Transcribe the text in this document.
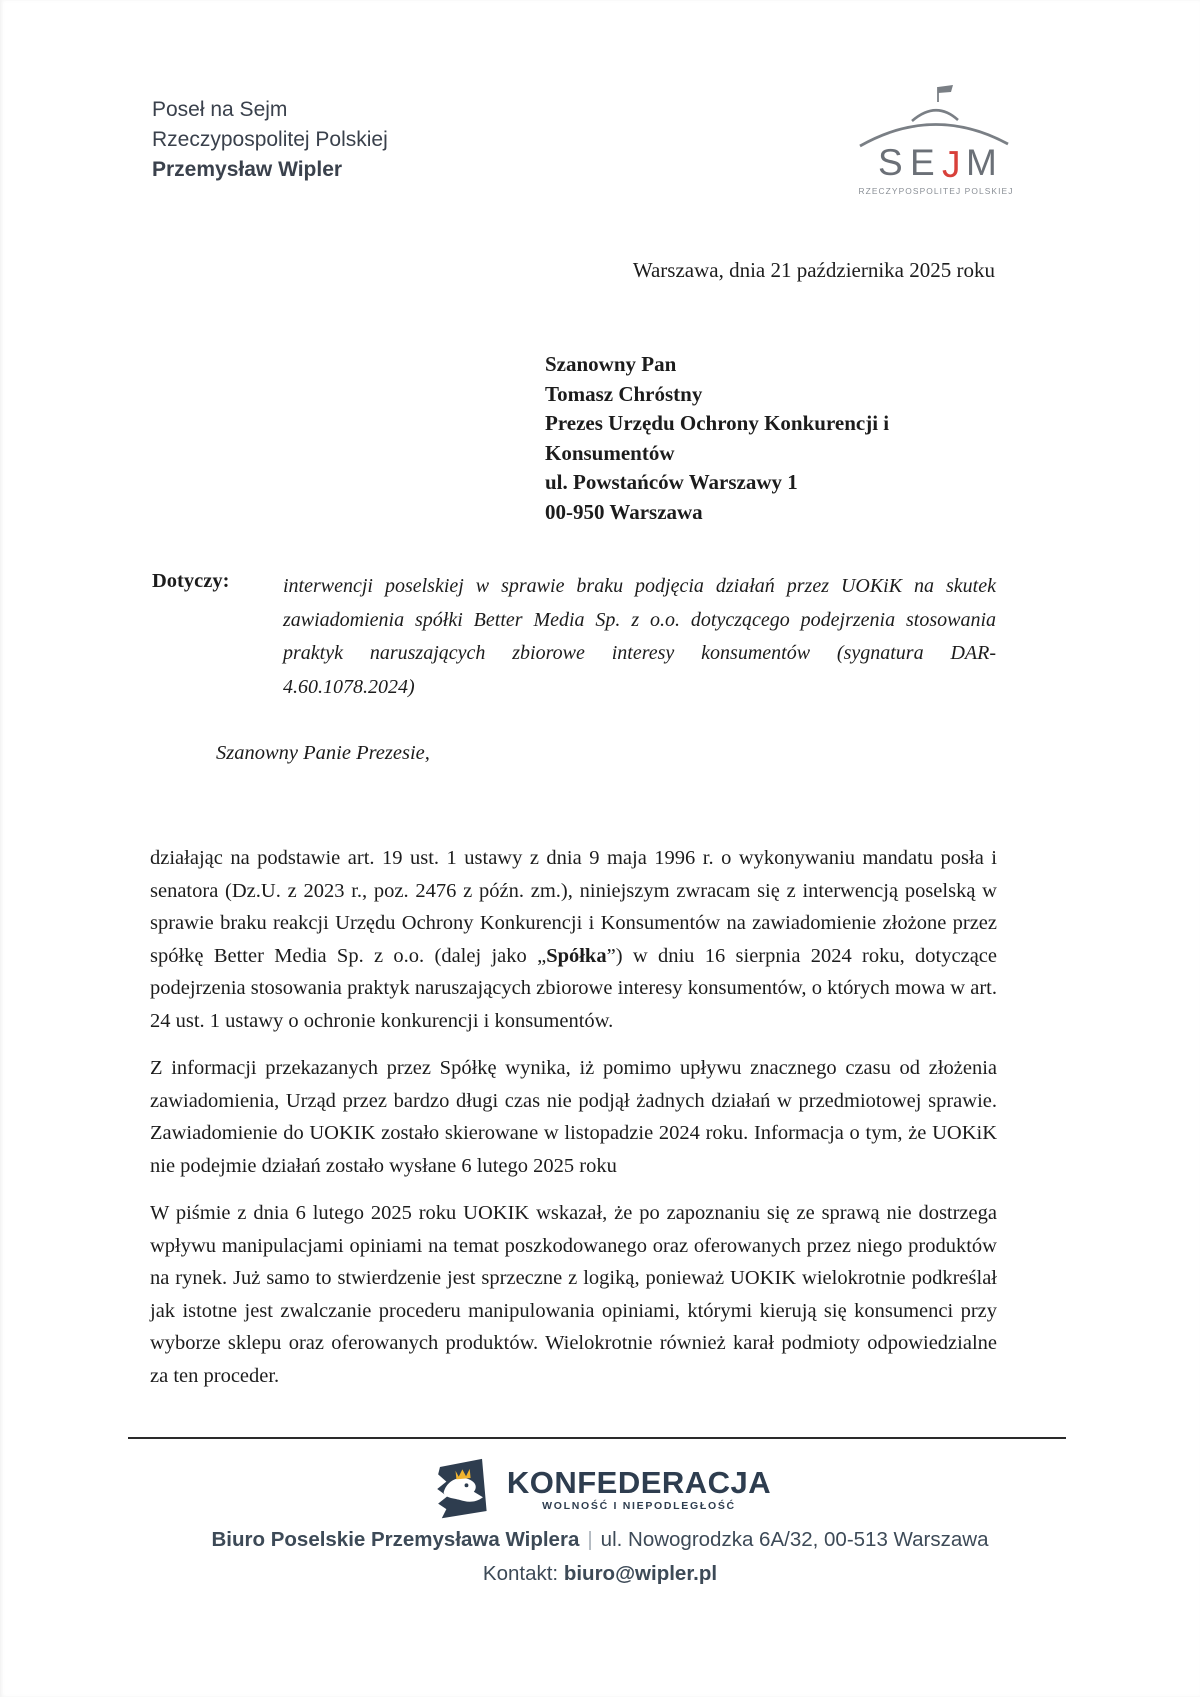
Poseł na Sejm
Rzeczypospolitej Polskiej
Przemysław Wipler	S E J M
RZECZYPOSPOLITEJ POLSKIEJ
Warszawa, dnia 21 października 2025 roku
Szanowny Pan
Tomasz Chróstny
Prezes Urzędu Ochrony Konkurencji i
Konsumentów
ul. Powstańców Warszawy 1
00-950 Warszawa
Dotyczy:	interwencji poselskiej w sprawie braku podjęcia działań przez UOKiK na skutek zawiadomienia spółki Better Media Sp. z o.o. dotyczącego podejrzenia stosowania praktyk naruszających zbiorowe interesy konsumentów (sygnatura DAR-4.60.1078.2024)
Szanowny Panie Prezesie,

działając na podstawie art. 19 ust. 1 ustawy z dnia 9 maja 1996 r. o wykonywaniu mandatu posła i senatora (Dz.U. z 2023 r., poz. 2476 z późn. zm.), niniejszym zwracam się z interwencją poselską w sprawie braku reakcji Urzędu Ochrony Konkurencji i Konsumentów na zawiadomienie złożone przez spółkę Better Media Sp. z o.o. (dalej jako „Spółka”) w dniu 16 sierpnia 2024 roku, dotyczące podejrzenia stosowania praktyk naruszających zbiorowe interesy konsumentów, o których mowa w art. 24 ust. 1 ustawy o ochronie konkurencji i konsumentów.

Z informacji przekazanych przez Spółkę wynika, iż pomimo upływu znacznego czasu od złożenia zawiadomienia, Urząd przez bardzo długi czas nie podjął żadnych działań w przedmiotowej sprawie. Zawiadomienie do UOKIK zostało skierowane w listopadzie 2024 roku. Informacja o tym, że UOKiK nie podejmie działań zostało wysłane 6 lutego 2025 roku

W piśmie z dnia 6 lutego 2025 roku UOKIK wskazał, że po zapoznaniu się ze sprawą nie dostrzega wpływu manipulacjami opiniami na temat poszkodowanego oraz oferowanych przez niego produktów na rynek. Już samo to stwierdzenie jest sprzeczne z logiką, ponieważ UOKIK wielokrotnie podkreślał jak istotne jest zwalczanie procederu manipulowania opiniami, którymi kierują się konsumenci przy wyborze sklepu oraz oferowanych produktów. Wielokrotnie również karał podmioty odpowiedzialne za ten proceder.

KONFEDERACJA
WOLNOŚĆ I NIEPODLEGŁOŚĆ
Biuro Poselskie Przemysława Wiplera | ul. Nowogrodzka 6A/32, 00-513 Warszawa
Kontakt: biuro@wipler.pl
